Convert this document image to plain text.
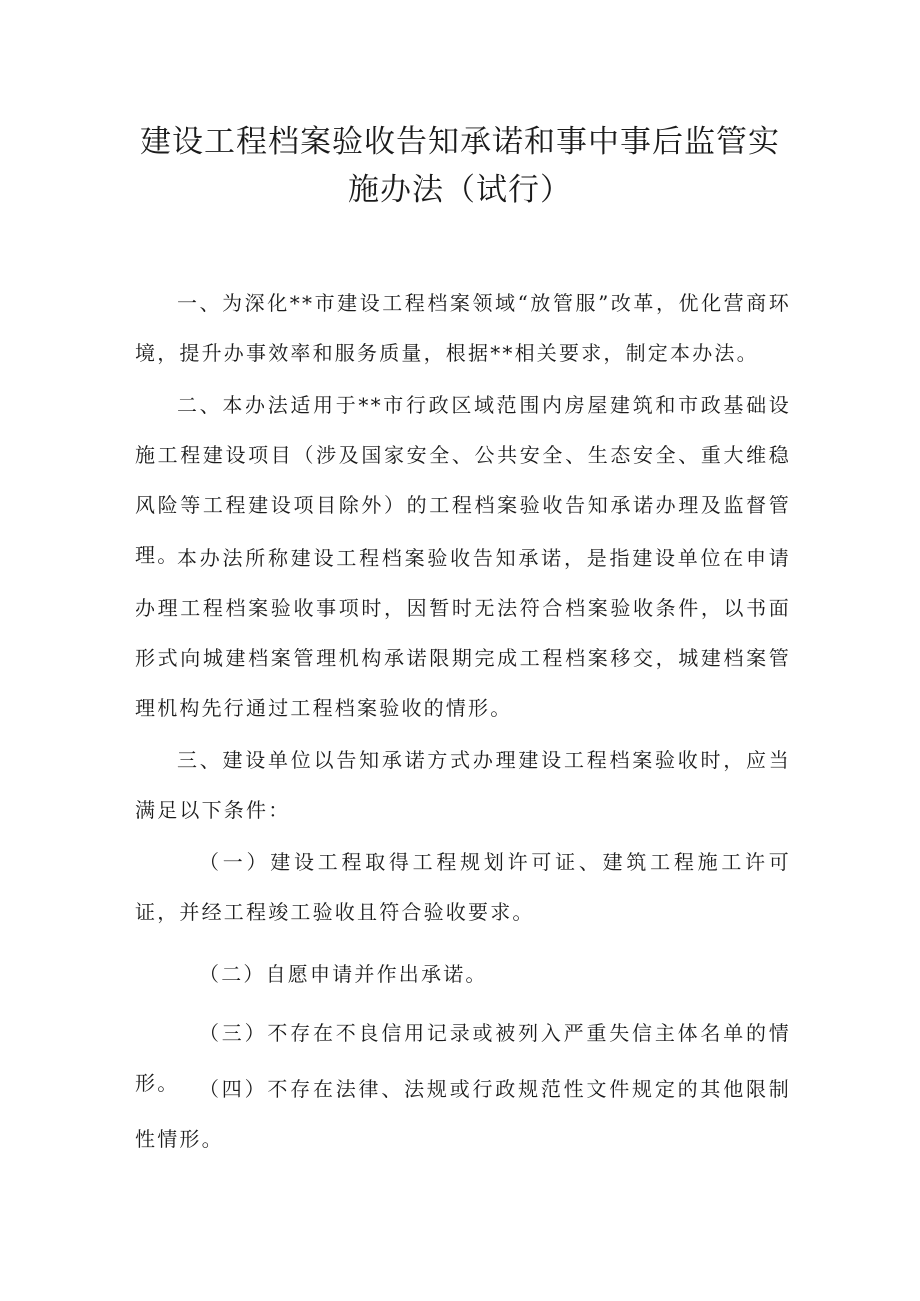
建设工程档案验收告知承诺和事中事后监管实施办法（试行）

一、为深化**市建设工程档案领域“放管服”改革，优化营商环境，提升办事效率和服务质量，根据**相关要求，制定本办法。

二、本办法适用于**市行政区域范围内房屋建筑和市政基础设施工程建设项目（涉及国家安全、公共安全、生态安全、重大维稳风险等工程建设项目除外）的工程档案验收告知承诺办理及监督管理。

本办法所称建设工程档案验收告知承诺，是指建设单位在申请办理工程档案验收事项时，因暂时无法符合档案验收条件，以书面形式向城建档案管理机构承诺限期完成工程档案移交，城建档案管理机构先行通过工程档案验收的情形。

三、建设单位以告知承诺方式办理建设工程档案验收时，应当满足以下条件：

（一）建设工程取得工程规划许可证、建筑工程施工许可证，并经工程竣工验收且符合验收要求。

（二）自愿申请并作出承诺。

（三）不存在不良信用记录或被列入严重失信主体名单的情形。 （四）不存在法律、法规或行政规范性文件规定的其他限制性情形。
